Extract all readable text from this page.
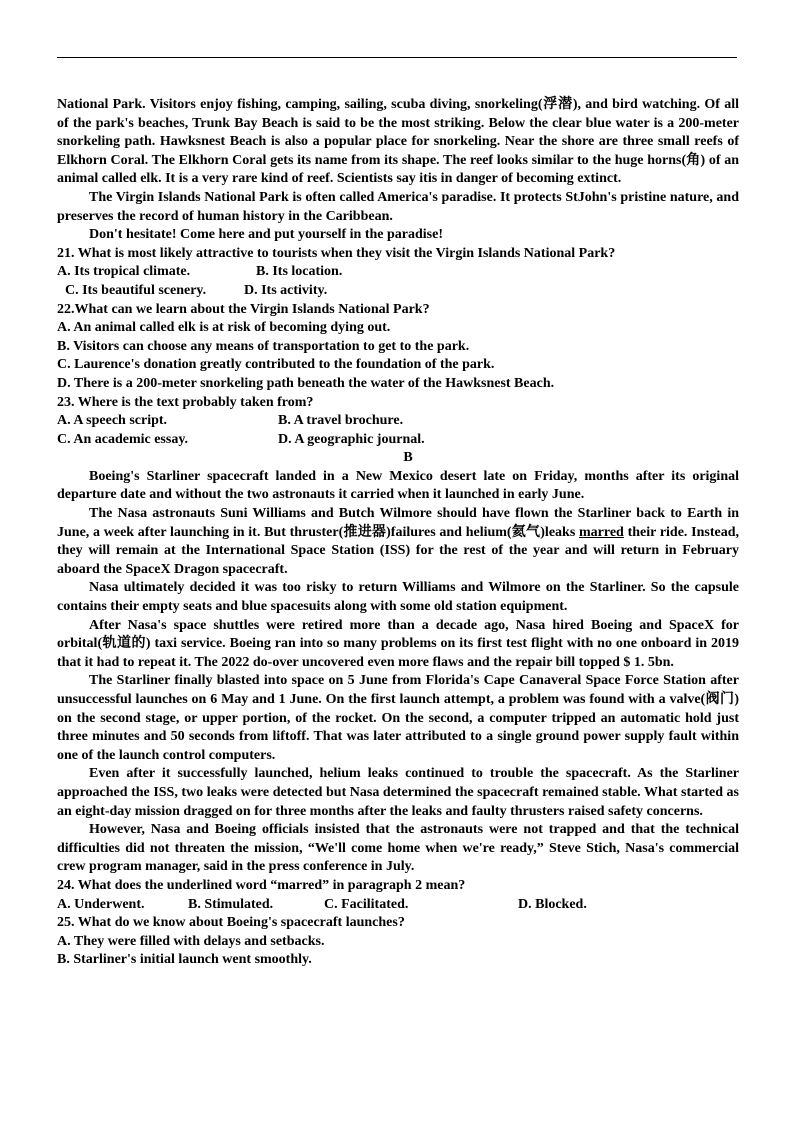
National Park. Visitors enjoy fishing, camping, sailing, scuba diving, snorkeling(浮潜), and bird watching. Of all of the park's beaches, Trunk Bay Beach is said to be the most striking. Below the clear blue water is a 200-meter snorkeling path. Hawksnest Beach is also a popular place for snorkeling. Near the shore are three small reefs of Elkhorn Coral. The Elkhorn Coral gets its name from its shape. The reef looks similar to the huge horns(角) of an animal called elk. It is a very rare kind of reef. Scientists say itis in danger of becoming extinct.

The Virgin Islands National Park is often called America's paradise. It protects StJohn's pristine nature, and preserves the record of human history in the Caribbean.

Don't hesitate! Come here and put yourself in the paradise!

21. What is most likely attractive to tourists when they visit the Virgin Islands National Park?

A. Its tropical climate.	B. Its location.
C. Its beautiful scenery.	D. Its activity.

22.What can we learn about the Virgin Islands National Park?

A. An animal called elk is at risk of becoming dying out.

B. Visitors can choose any means of transportation to get to the park.

C. Laurence's donation greatly contributed to the foundation of the park.

D. There is a 200-meter snorkeling path beneath the water of the Hawksnest Beach.

23. Where is the text probably taken from?

A. A speech script.	B. A travel brochure.
C. An academic essay.	D. A geographic journal.

B

Boeing's Starliner spacecraft landed in a New Mexico desert late on Friday, months after its original departure date and without the two astronauts it carried when it launched in early June.

The Nasa astronauts Suni Williams and Butch Wilmore should have flown the Starliner back to Earth in June, a week after launching in it. But thruster(推进器)failures and helium(氦气)leaks marred their ride. Instead, they will remain at the International Space Station (ISS) for the rest of the year and will return in February aboard the SpaceX Dragon spacecraft.

Nasa ultimately decided it was too risky to return Williams and Wilmore on the Starliner. So the capsule contains their empty seats and blue spacesuits along with some old station equipment.

After Nasa's space shuttles were retired more than a decade ago, Nasa hired Boeing and SpaceX for orbital(轨道的) taxi service. Boeing ran into so many problems on its first test flight with no one onboard in 2019 that it had to repeat it. The 2022 do-over uncovered even more flaws and the repair bill topped $ 1. 5bn.

The Starliner finally blasted into space on 5 June from Florida's Cape Canaveral Space Force Station after unsuccessful launches on 6 May and 1 June. On the first launch attempt, a problem was found with a valve(阀门) on the second stage, or upper portion, of the rocket. On the second, a computer tripped an automatic hold just three minutes and 50 seconds from liftoff. That was later attributed to a single ground power supply fault within one of the launch control computers.

Even after it successfully launched, helium leaks continued to trouble the spacecraft. As the Starliner approached the ISS, two leaks were detected but Nasa determined the spacecraft remained stable. What started as an eight-day mission dragged on for three months after the leaks and faulty thrusters raised safety concerns.

However, Nasa and Boeing officials insisted that the astronauts were not trapped and that the technical difficulties did not threaten the mission, “We'll come home when we're ready,” Steve Stich, Nasa's commercial crew program manager, said in the press conference in July.

24. What does the underlined word “marred” in paragraph 2 mean?

A. Underwent.	B. Stimulated.	C. Facilitated.	D. Blocked.

25. What do we know about Boeing's spacecraft launches?

A. They were filled with delays and setbacks.

B. Starliner's initial launch went smoothly.
